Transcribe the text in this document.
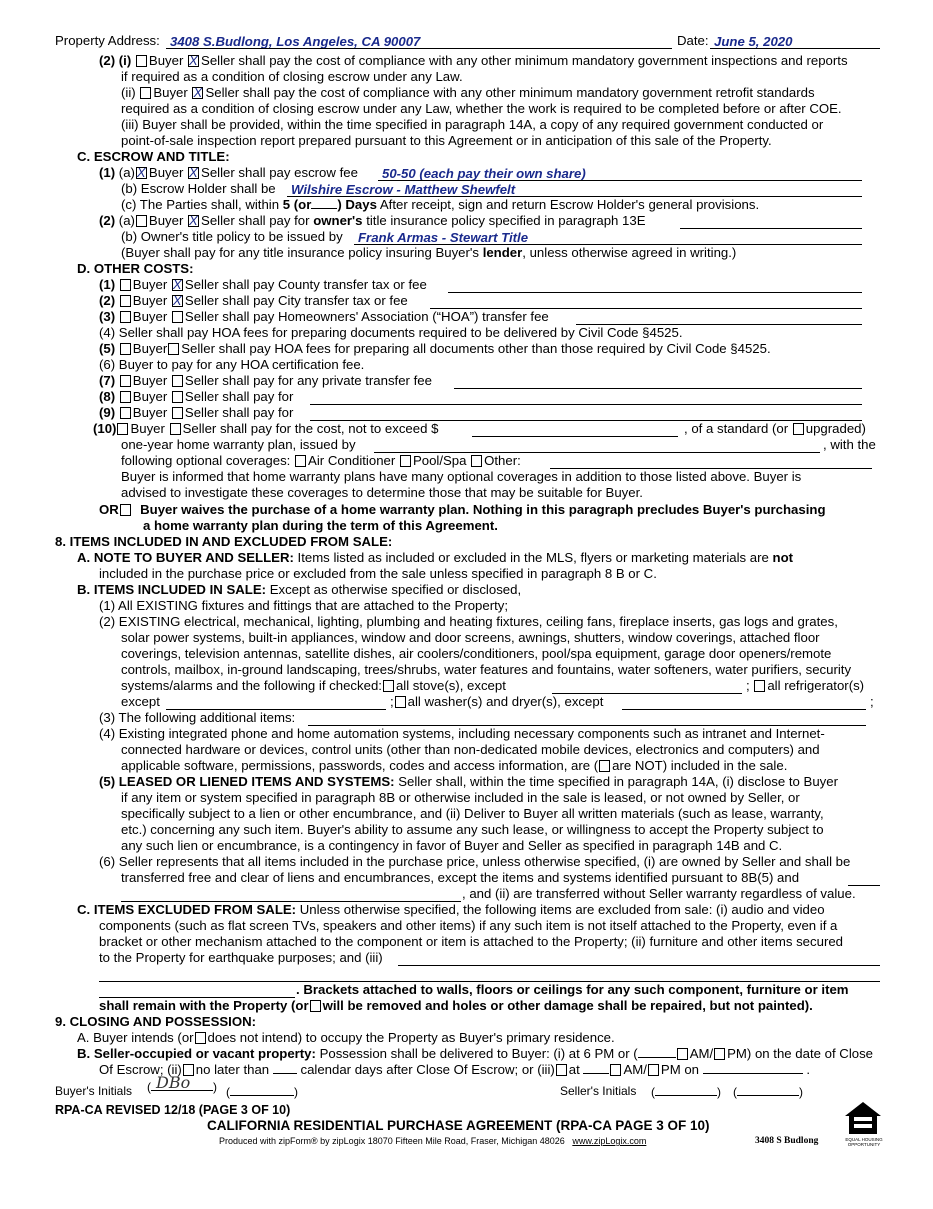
Property Address: 3408 S.Budlong, Los Angeles, CA 90007	Date: June 5, 2020
(2) (i) Buyer X Seller shall pay the cost of compliance with any other minimum mandatory government inspections and reports
if required as a condition of closing escrow under any Law.
(ii) Buyer X Seller shall pay the cost of compliance with any other minimum mandatory government retrofit standards
required as a condition of closing escrow under any Law, whether the work is required to be completed before or after COE.
(iii) Buyer shall be provided, within the time specified in paragraph 14A, a copy of any required government conducted or
point-of-sale inspection report prepared pursuant to this Agreement or in anticipation of this sale of the Property.
C. ESCROW AND TITLE:
(1) (a) X Buyer X Seller shall pay escrow fee 50-50 (each pay their own share)
(b) Escrow Holder shall be Wilshire Escrow - Matthew Shewfelt
(c) The Parties shall, within 5 (or ) Days After receipt, sign and return Escrow Holder's general provisions.
(2) (a) Buyer X Seller shall pay for owner's title insurance policy specified in paragraph 13E
(b) Owner's title policy to be issued by Frank Armas - Stewart Title
(Buyer shall pay for any title insurance policy insuring Buyer's lender, unless otherwise agreed in writing.)
D. OTHER COSTS:
(1) Buyer X Seller shall pay County transfer tax or fee
(2) Buyer X Seller shall pay City transfer tax or fee
(3) Buyer Seller shall pay Homeowners' Association (“HOA”) transfer fee
(4) Seller shall pay HOA fees for preparing documents required to be delivered by Civil Code §4525.
(5) Buyer Seller shall pay HOA fees for preparing all documents other than those required by Civil Code §4525.
(6) Buyer to pay for any HOA certification fee.
(7) Buyer Seller shall pay for any private transfer fee
(8) Buyer Seller shall pay for
(9) Buyer Seller shall pay for
(10) Buyer Seller shall pay for the cost, not to exceed $	, of a standard (or upgraded)
one-year home warranty plan, issued by	, with the
following optional coverages: Air Conditioner Pool/Spa Other:
Buyer is informed that home warranty plans have many optional coverages in addition to those listed above. Buyer is
advised to investigate these coverages to determine those that may be suitable for Buyer.
OR Buyer waives the purchase of a home warranty plan. Nothing in this paragraph precludes Buyer's purchasing
a home warranty plan during the term of this Agreement.
8. ITEMS INCLUDED IN AND EXCLUDED FROM SALE:
A. NOTE TO BUYER AND SELLER: Items listed as included or excluded in the MLS, flyers or marketing materials are not
included in the purchase price or excluded from the sale unless specified in paragraph 8 B or C.
B. ITEMS INCLUDED IN SALE: Except as otherwise specified or disclosed,
(1) All EXISTING fixtures and fittings that are attached to the Property;
(2) EXISTING electrical, mechanical, lighting, plumbing and heating fixtures, ceiling fans, fireplace inserts, gas logs and grates,
solar power systems, built-in appliances, window and door screens, awnings, shutters, window coverings, attached floor
coverings, television antennas, satellite dishes, air coolers/conditioners, pool/spa equipment, garage door openers/remote
controls, mailbox, in-ground landscaping, trees/shrubs, water features and fountains, water softeners, water purifiers, security
systems/alarms and the following if checked: all stove(s), except	; all refrigerator(s)
except	; all washer(s) and dryer(s), except	;
(3) The following additional items:
(4) Existing integrated phone and home automation systems, including necessary components such as intranet and Internet-
connected hardware or devices, control units (other than non-dedicated mobile devices, electronics and computers) and
applicable software, permissions, passwords, codes and access information, are ( are NOT) included in the sale.
(5) LEASED OR LIENED ITEMS AND SYSTEMS: Seller shall, within the time specified in paragraph 14A, (i) disclose to Buyer
if any item or system specified in paragraph 8B or otherwise included in the sale is leased, or not owned by Seller, or
specifically subject to a lien or other encumbrance, and (ii) Deliver to Buyer all written materials (such as lease, warranty,
etc.) concerning any such item. Buyer's ability to assume any such lease, or willingness to accept the Property subject to
any such lien or encumbrance, is a contingency in favor of Buyer and Seller as specified in paragraph 14B and C.
(6) Seller represents that all items included in the purchase price, unless otherwise specified, (i) are owned by Seller and shall be
transferred free and clear of liens and encumbrances, except the items and systems identified pursuant to 8B(5) and
, and (ii) are transferred without Seller warranty regardless of value.
C. ITEMS EXCLUDED FROM SALE: Unless otherwise specified, the following items are excluded from sale: (i) audio and video
components (such as flat screen TVs, speakers and other items) if any such item is not itself attached to the Property, even if a
bracket or other mechanism attached to the component or item is attached to the Property; (ii) furniture and other items secured
to the Property for earthquake purposes; and (iii)
. Brackets attached to walls, floors or ceilings for any such component, furniture or item
shall remain with the Property (or will be removed and holes or other damage shall be repaired, but not painted).
9. CLOSING AND POSSESSION:
A. Buyer intends (or does not intend) to occupy the Property as Buyer's primary residence.
B. Seller-occupied or vacant property: Possession shall be delivered to Buyer: (i) at 6 PM or (	AM/ PM) on the date of Close
Of Escrow; (ii) no later than calendar days after Close Of Escrow; or (iii) at	AM/ PM on	.
Buyer's Initials (	)
DBo	(	)	Seller's Initials (	) (	)
RPA-CA REVISED 12/18 (PAGE 3 OF 10)
CALIFORNIA RESIDENTIAL PURCHASE AGREEMENT (RPA-CA PAGE 3 OF 10)
Produced with zipForm® by zipLogix 18070 Fifteen Mile Road, Fraser, Michigan 48026 www.zipLogix.com	3408 S Budlong	EQUAL HOUSING OPPORTUNITY
